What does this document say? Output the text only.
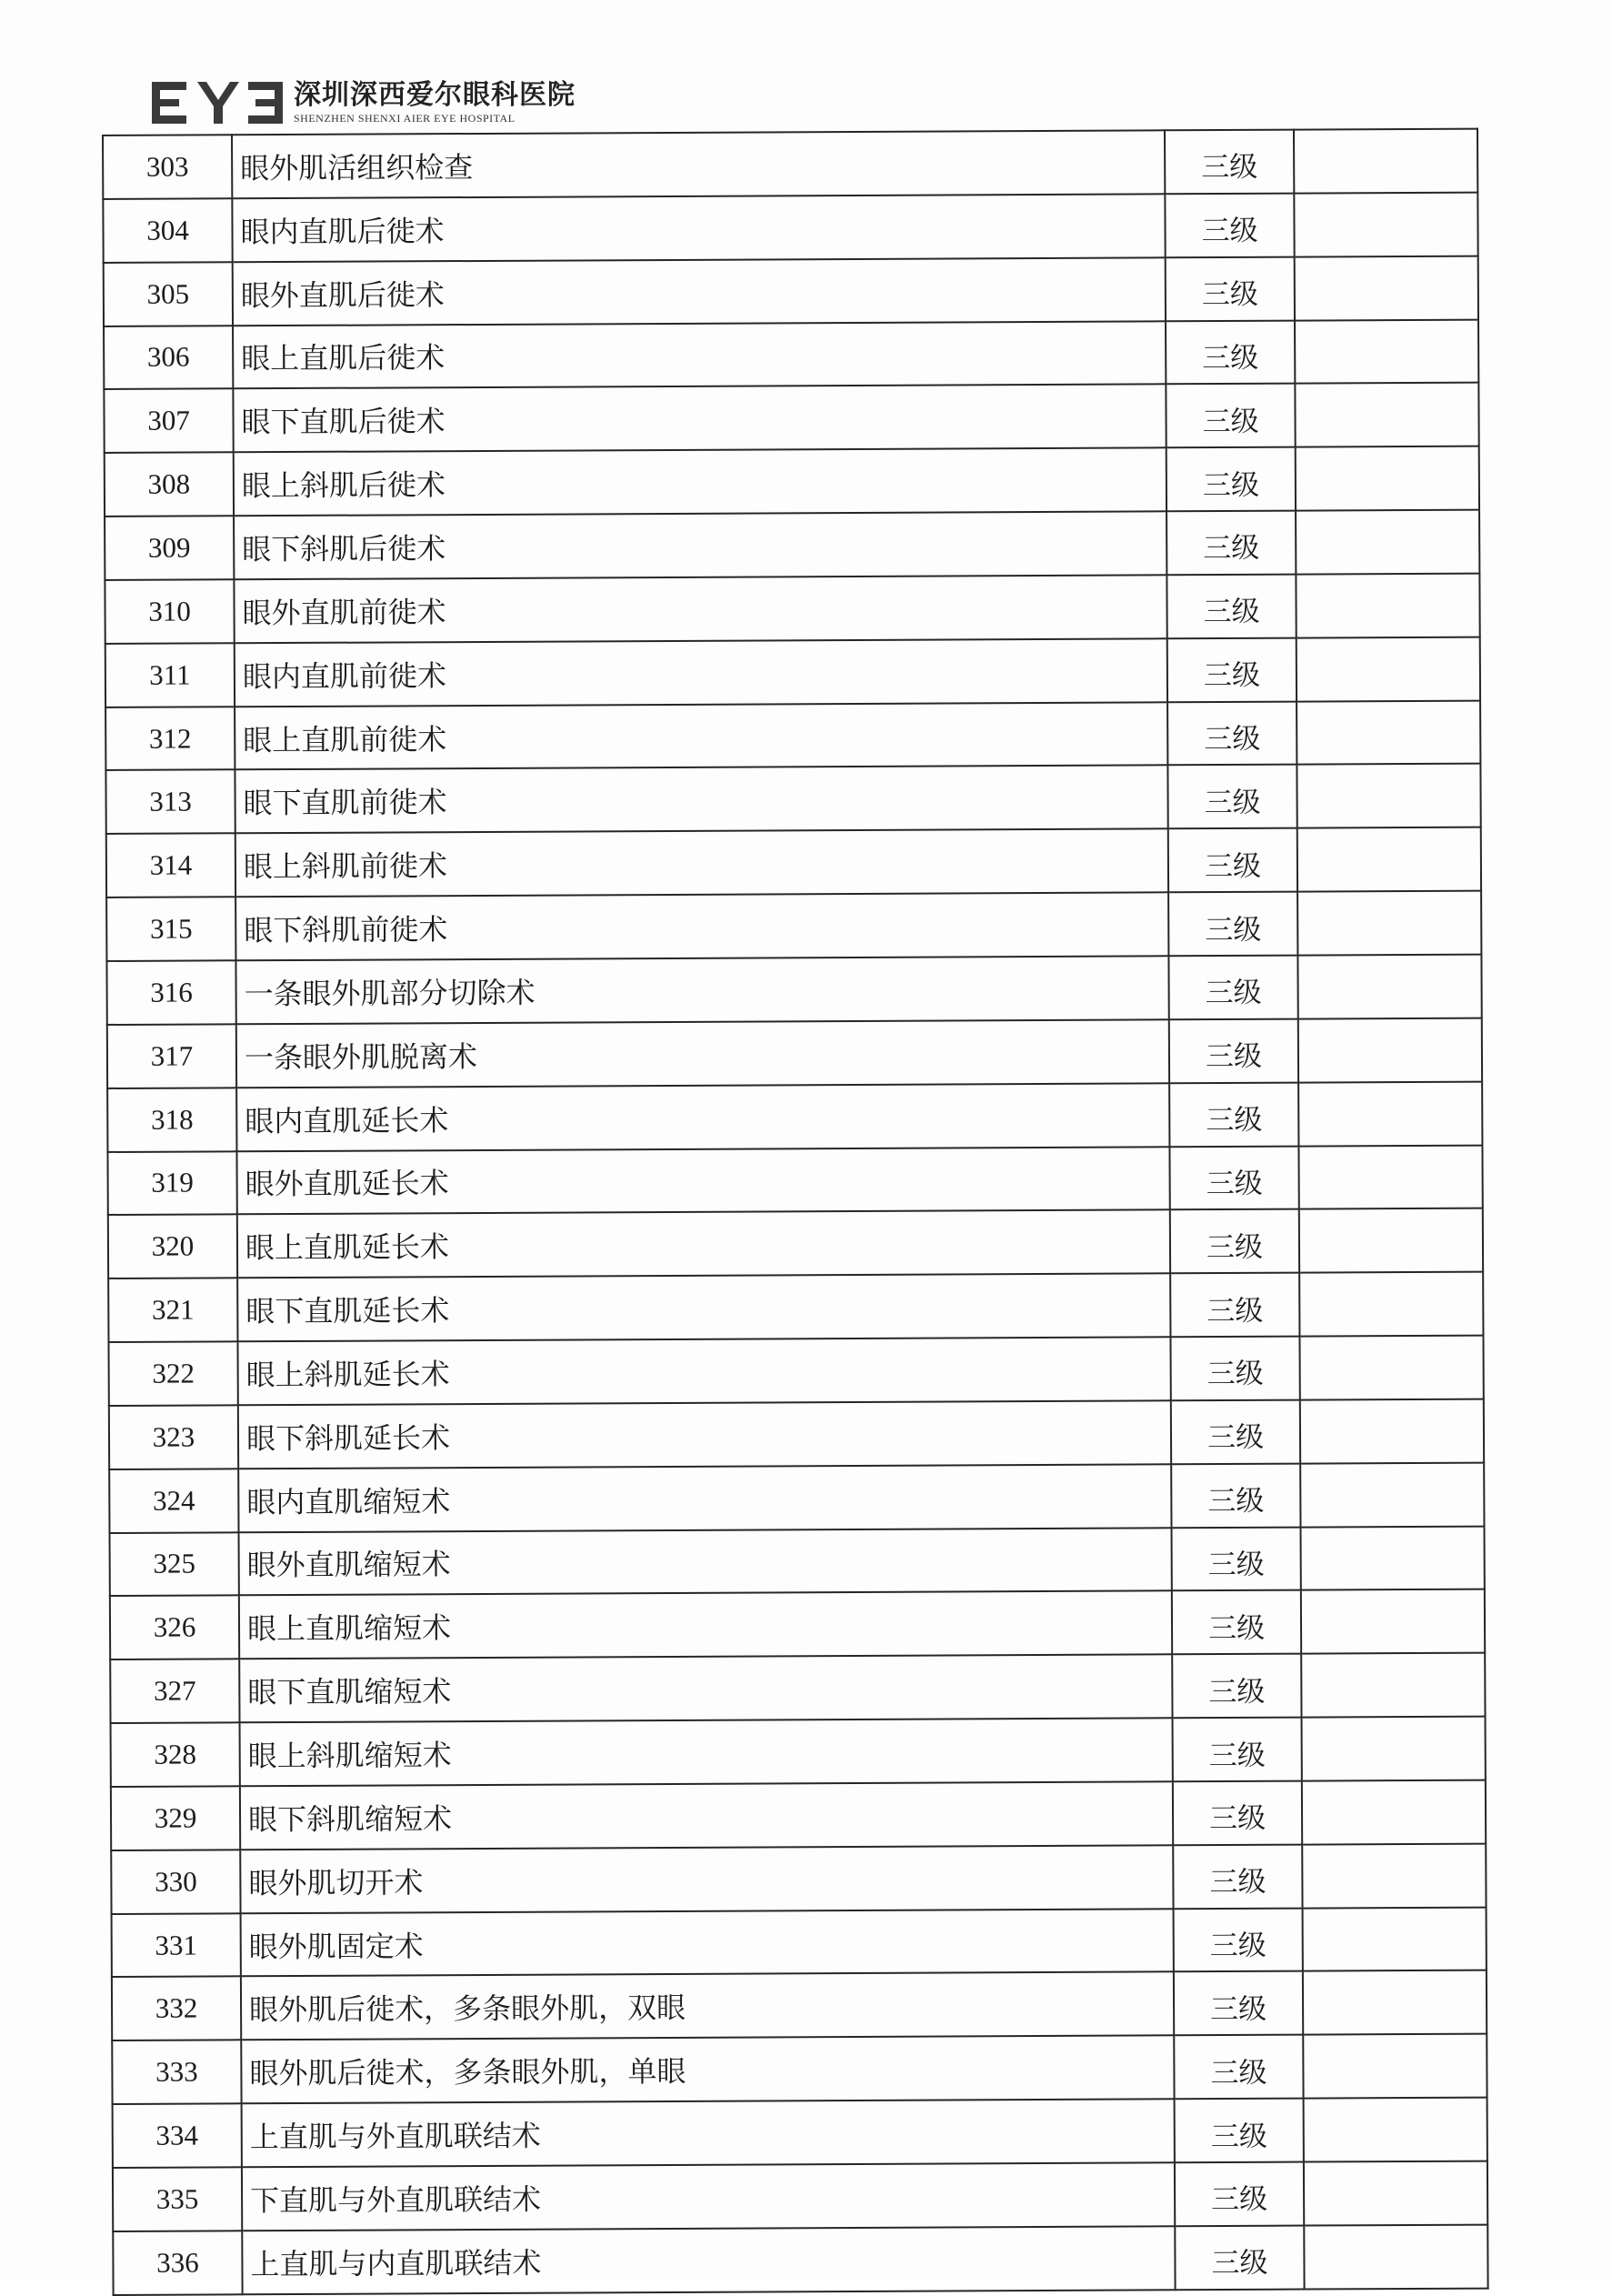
深圳深西爱尔眼科医院
SHENZHEN SHENXI AIER EYE HOSPITAL
303	眼外肌活组织检查	三级	
304	眼内直肌后徙术	三级	
305	眼外直肌后徙术	三级	
306	眼上直肌后徙术	三级	
307	眼下直肌后徙术	三级	
308	眼上斜肌后徙术	三级	
309	眼下斜肌后徙术	三级	
310	眼外直肌前徙术	三级	
311	眼内直肌前徙术	三级	
312	眼上直肌前徙术	三级	
313	眼下直肌前徙术	三级	
314	眼上斜肌前徙术	三级	
315	眼下斜肌前徙术	三级	
316	一条眼外肌部分切除术	三级	
317	一条眼外肌脱离术	三级	
318	眼内直肌延长术	三级	
319	眼外直肌延长术	三级	
320	眼上直肌延长术	三级	
321	眼下直肌延长术	三级	
322	眼上斜肌延长术	三级	
323	眼下斜肌延长术	三级	
324	眼内直肌缩短术	三级	
325	眼外直肌缩短术	三级	
326	眼上直肌缩短术	三级	
327	眼下直肌缩短术	三级	
328	眼上斜肌缩短术	三级	
329	眼下斜肌缩短术	三级	
330	眼外肌切开术	三级	
331	眼外肌固定术	三级	
332	眼外肌后徙术，多条眼外肌，双眼	三级	
333	眼外肌后徙术，多条眼外肌，单眼	三级	
334	上直肌与外直肌联结术	三级	
335	下直肌与外直肌联结术	三级	
336	上直肌与内直肌联结术	三级	
